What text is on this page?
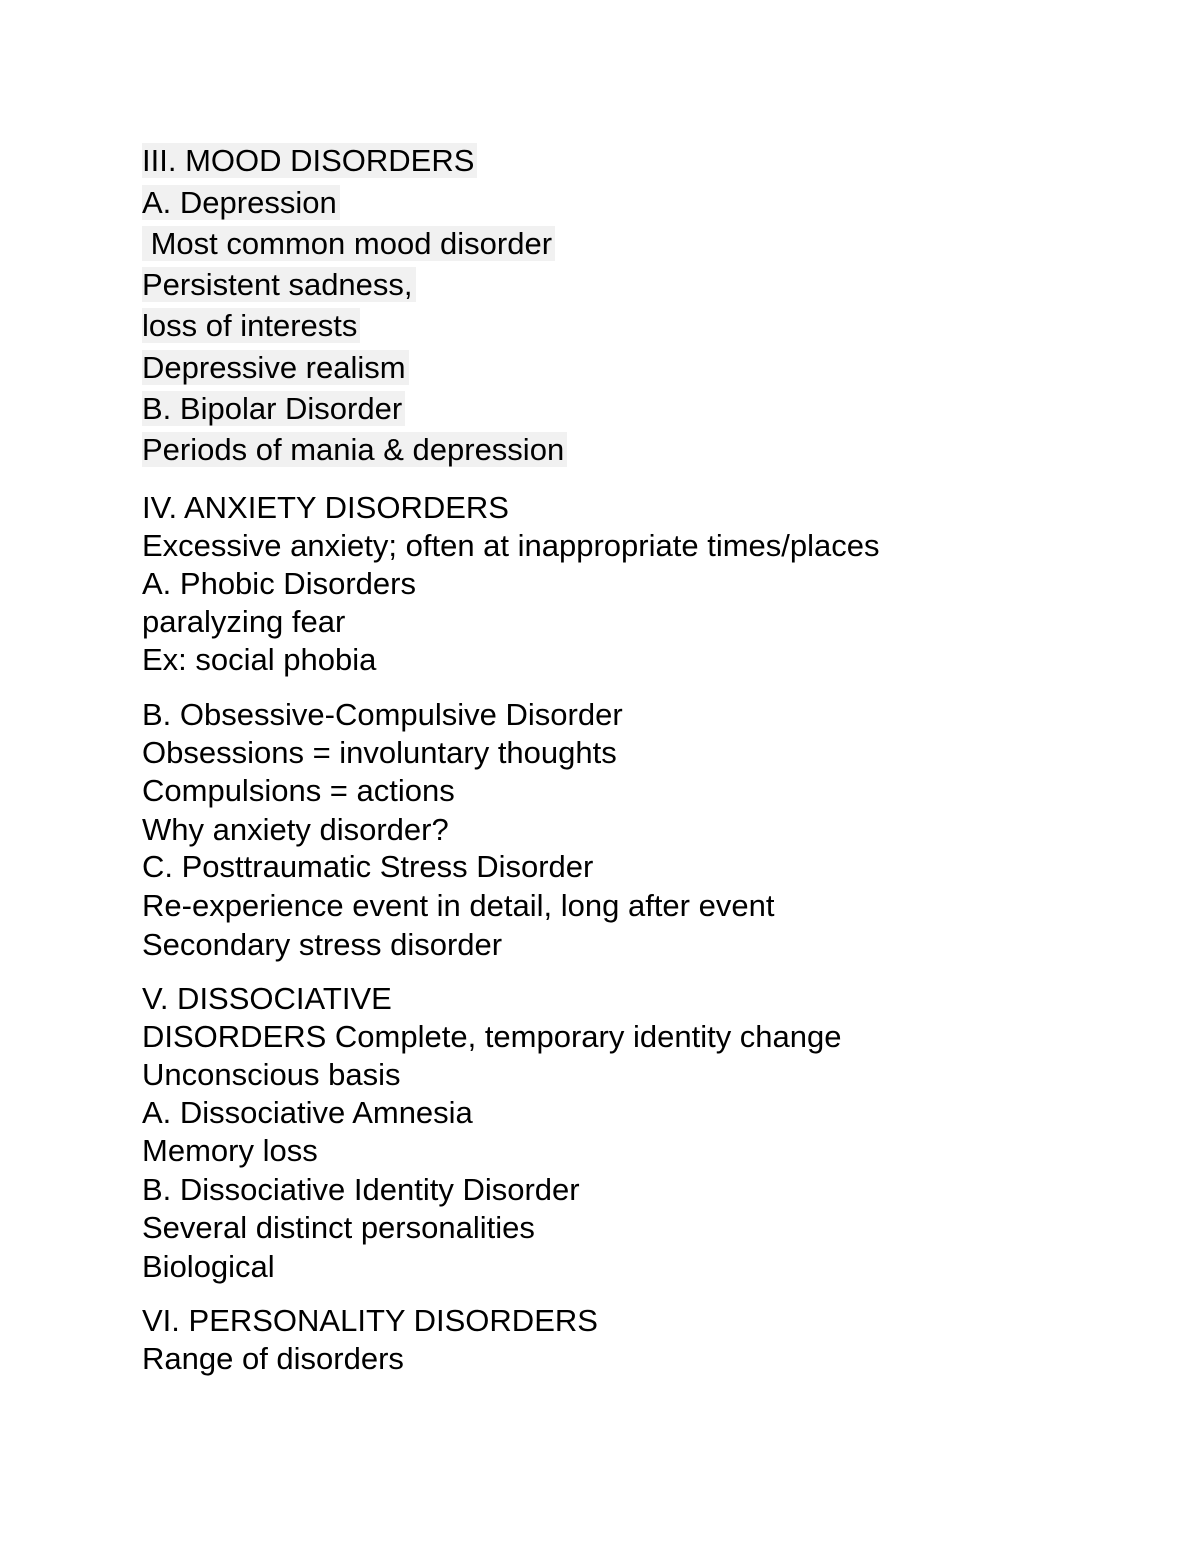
III. MOOD DISORDERS
A. Depression
Most common mood disorder
Persistent sadness,
loss of interests
Depressive realism
B. Bipolar Disorder
Periods of mania & depression
IV. ANXIETY DISORDERS
Excessive anxiety; often at inappropriate times/places
A. Phobic Disorders
paralyzing fear
Ex: social phobia
B. Obsessive-Compulsive Disorder
Obsessions = involuntary thoughts
Compulsions = actions
Why anxiety disorder?
C. Posttraumatic Stress Disorder
Re-experience event in detail, long after event
Secondary stress disorder
V. DISSOCIATIVE
DISORDERS Complete, temporary identity change
Unconscious basis
A. Dissociative Amnesia
Memory loss
B. Dissociative Identity Disorder
Several distinct personalities
Biological
VI. PERSONALITY DISORDERS
Range of disorders
